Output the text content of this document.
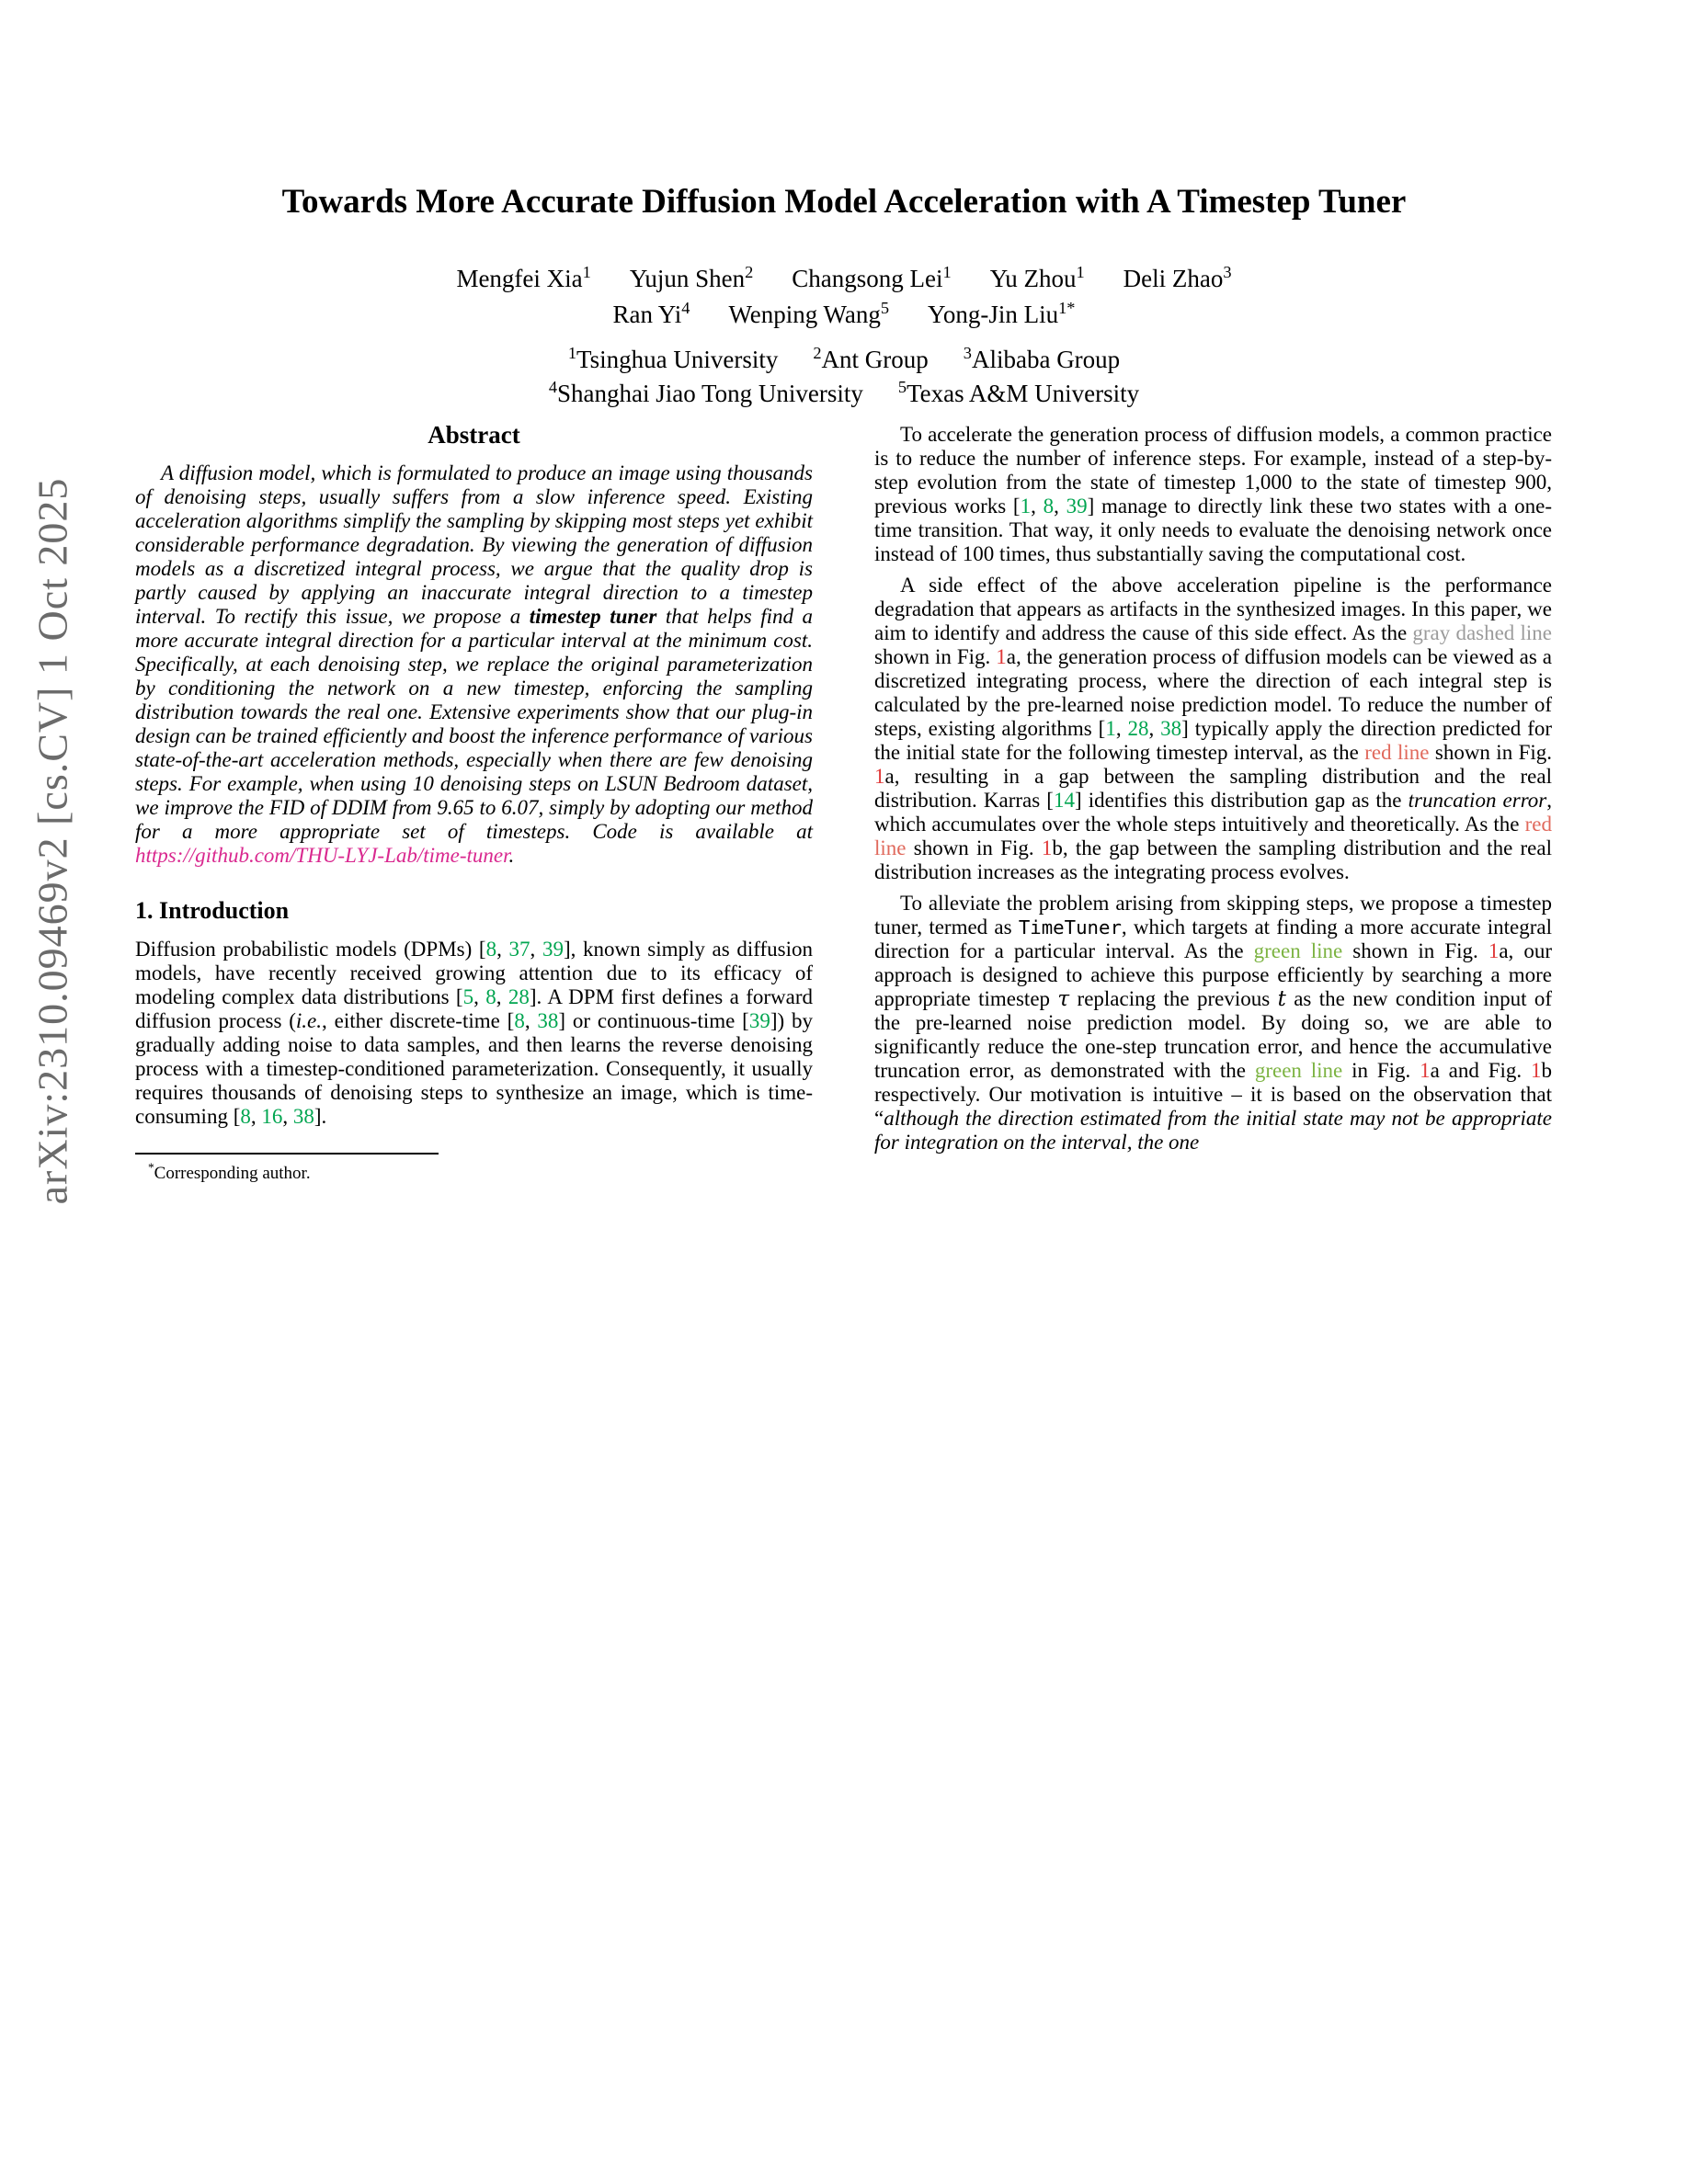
arXiv:2310.09469v2 [cs.CV] 1 Oct 2025
Towards More Accurate Diffusion Model Acceleration with A Timestep Tuner
Mengfei Xia$^1$ Yujun Shen$^2$ Changsong Lei$^1$ Yu Zhou$^1$ Deli Zhao$^3$
Ran Yi$^4$ Wenping Wang$^5$ Yong-Jin Liu$^{1*}$
$^1$Tsinghua University $^2$Ant Group $^3$Alibaba Group
$^4$Shanghai Jiao Tong University $^5$Texas A&M University
Abstract

A diffusion model, which is formulated to produce an image using thousands of denoising steps, usually suffers from a slow inference speed. Existing acceleration algorithms simplify the sampling by skipping most steps yet exhibit considerable performance degradation. By viewing the generation of diffusion models as a discretized integral process, we argue that the quality drop is partly caused by applying an inaccurate integral direction to a timestep interval. To rectify this issue, we propose a timestep tuner that helps find a more accurate integral direction for a particular interval at the minimum cost. Specifically, at each denoising step, we replace the original parameterization by conditioning the network on a new timestep, enforcing the sampling distribution towards the real one. Extensive experiments show that our plug-in design can be trained efficiently and boost the inference performance of various state-of-the-art acceleration methods, especially when there are few denoising steps. For example, when using 10 denoising steps on LSUN Bedroom dataset, we improve the FID of DDIM from 9.65 to 6.07, simply by adopting our method for a more appropriate set of timesteps. Code is available at https://github.com/THU-LYJ-Lab/time-tuner.

1. Introduction

Diffusion probabilistic models (DPMs) [8, 37, 39], known simply as diffusion models, have recently received growing attention due to its efficacy of modeling complex data distributions [5, 8, 28]. A DPM first defines a forward diffusion process (i.e., either discrete-time [8, 38] or continuous-time [39]) by gradually adding noise to data samples, and then learns the reverse denoising process with a timestep-conditioned parameterization. Consequently, it usually requires thousands of denoising steps to synthesize an image, which is time-consuming [8, 16, 38].

*Corresponding author.

To accelerate the generation process of diffusion models, a common practice is to reduce the number of inference steps. For example, instead of a step-by-step evolution from the state of timestep 1,000 to the state of timestep 900, previous works [1, 8, 39] manage to directly link these two states with a one-time transition. That way, it only needs to evaluate the denoising network once instead of 100 times, thus substantially saving the computational cost.

A side effect of the above acceleration pipeline is the performance degradation that appears as artifacts in the synthesized images. In this paper, we aim to identify and address the cause of this side effect. As the gray dashed line shown in Fig. 1a, the generation process of diffusion models can be viewed as a discretized integrating process, where the direction of each integral step is calculated by the pre-learned noise prediction model. To reduce the number of steps, existing algorithms [1, 28, 38] typically apply the direction predicted for the initial state for the following timestep interval, as the red line shown in Fig. 1a, resulting in a gap between the sampling distribution and the real distribution. Karras [14] identifies this distribution gap as the truncation error, which accumulates over the whole steps intuitively and theoretically. As the red line shown in Fig. 1b, the gap between the sampling distribution and the real distribution increases as the integrating process evolves.

To alleviate the problem arising from skipping steps, we propose a timestep tuner, termed as TimeTuner, which targets at finding a more accurate integral direction for a particular interval. As the green line shown in Fig. 1a, our approach is designed to achieve this purpose efficiently by searching a more appropriate timestep τ replacing the previous t as the new condition input of the pre-learned noise prediction model. By doing so, we are able to significantly reduce the one-step truncation error, and hence the accumulative truncation error, as demonstrated with the green line in Fig. 1a and Fig. 1b respectively. Our motivation is intuitive – it is based on the observation that “although the direction estimated from the initial state may not be appropriate for integration on the interval, the one
